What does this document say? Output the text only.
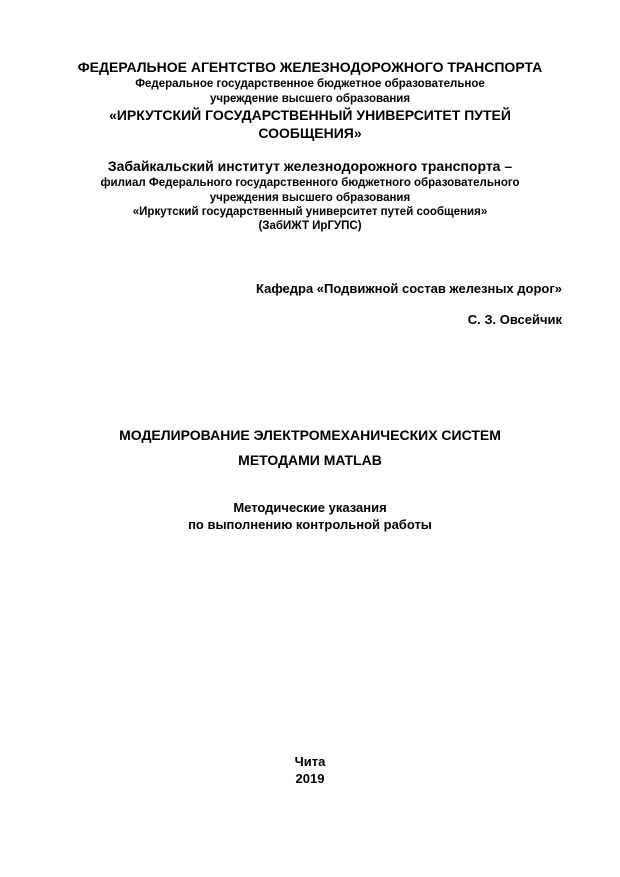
ФЕДЕРАЛЬНОЕ АГЕНТСТВО ЖЕЛЕЗНОДОРОЖНОГО ТРАНСПОРТА
Федеральное государственное бюджетное образовательное
учреждение высшего образования
«ИРКУТСКИЙ ГОСУДАРСТВЕННЫЙ УНИВЕРСИТЕТ ПУТЕЙ
СООБЩЕНИЯ»
Забайкальский институт железнодорожного транспорта –
филиал Федерального государственного бюджетного образовательного
учреждения высшего образования
«Иркутский государственный университет путей сообщения»
(ЗабИЖТ ИрГУПС)
Кафедра «Подвижной состав железных дорог»
С. З. Овсейчик
МОДЕЛИРОВАНИЕ ЭЛЕКТРОМЕХАНИЧЕСКИХ СИСТЕМ
МЕТОДАМИ MATLAB
Методические указания
по выполнению контрольной работы
Чита
2019
